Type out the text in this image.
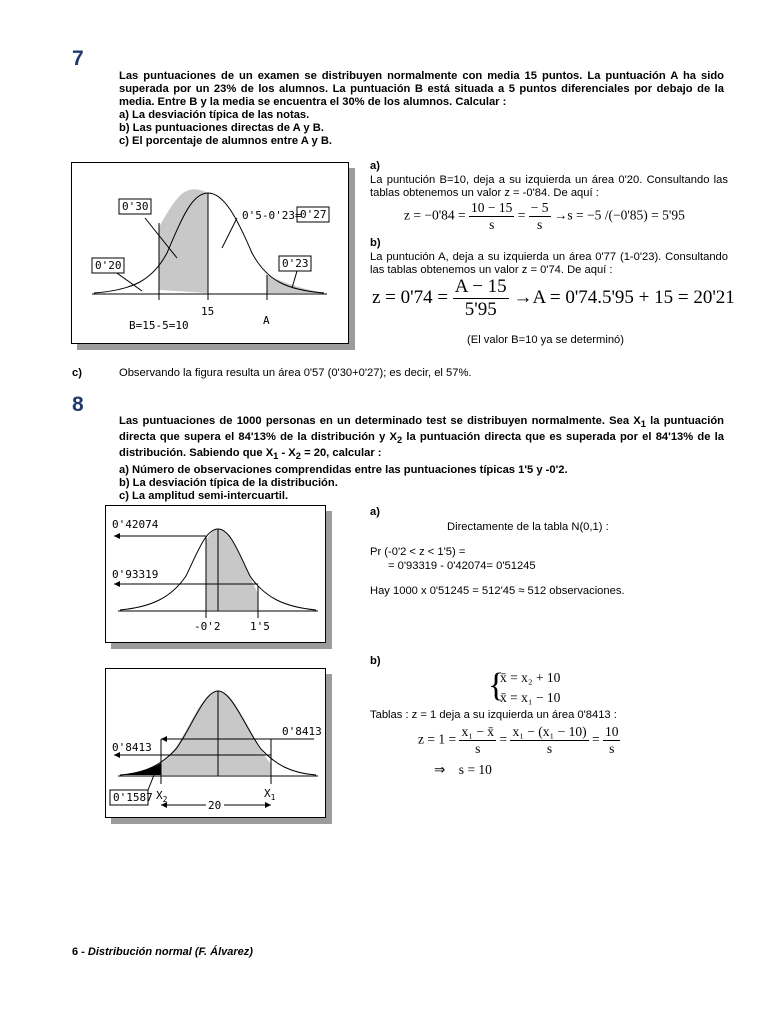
7

Las puntuaciones de un examen se distribuyen normalmente con media 15 puntos. La puntuación A ha sido superada por un 23% de los alumnos. La puntuación B está situada a 5 puntos diferenciales por debajo de la media. Entre B y la media se encuentra el 30% de los alumnos. Calcular :

a) La desviación típica de las notas.
b) Las puntuaciones directas de A y B.
c) El porcentaje de alumnos entre A y B.
0'30
0'5-0'23=
0'27
0'20	0'23
15
B=15-5=10	A

a)

La puntución B=10, deja a su izquierda un área 0'20. Consultando las tablas obtenemos un valor z = -0'84. De aquí :

$z = -0'84 = \frac{10 - 15}{s} = \frac{- 5}{s} \to s = -5$ /(−0'85) = 5'95

b)

La puntución A, deja a su izquierda un área 0'77 (1-0'23). Consultando las tablas obtenemos un valor z = 0'74. De aquí :

$z = 0'74 = \frac{A - 15}{5'95} \to A = 0'74.5'95 + 15 = 20'21$
(El valor B=10 ya se determinó)
c)	Observando la figura resulta un área 0'57 (0'30+0'27); es decir, el 57%.
8

Las puntuaciones de 1000 personas en un determinado test se distribuyen normalmente. Sea $X_1$ la puntuación directa que supera el 84'13% de la distribución y $X_2$ la puntuación directa que es superada por el 84'13% de la distribución. Sabiendo que $X_1 - X_2 = 20$, calcular :

a) Número de observaciones comprendidas entre las puntuaciones típicas 1'5 y -0'2.
b) La desviación típica de la distribución.
c) La amplitud semi-intercuartil.
0'42074
0'93319
-0'2	1'5

a)

Directamente de la tabla N(0,1) :

Pr (-0'2 < z < 1'5) =

= 0'93319 - 0'42074= 0'51245

Hay 1000 x 0'51245 = 512'45 ≈ 512 observaciones.

0'8413
0'8413
0'1587 $X_2$	$X_1$
20
b)
{
x̄ = x₂ + 10
x̄ = x₁ − 10
Tablas : z = 1 deja a su izquierda un área 0'8413 :
$z = 1 = \frac{\text{x₁ − x̄}}{s} = \frac{\text{x₁ − (x₁ − 10)}}{s} = \frac{10}{s}$
⇒    s = 10
6 - Distribución normal (F. Álvarez)
